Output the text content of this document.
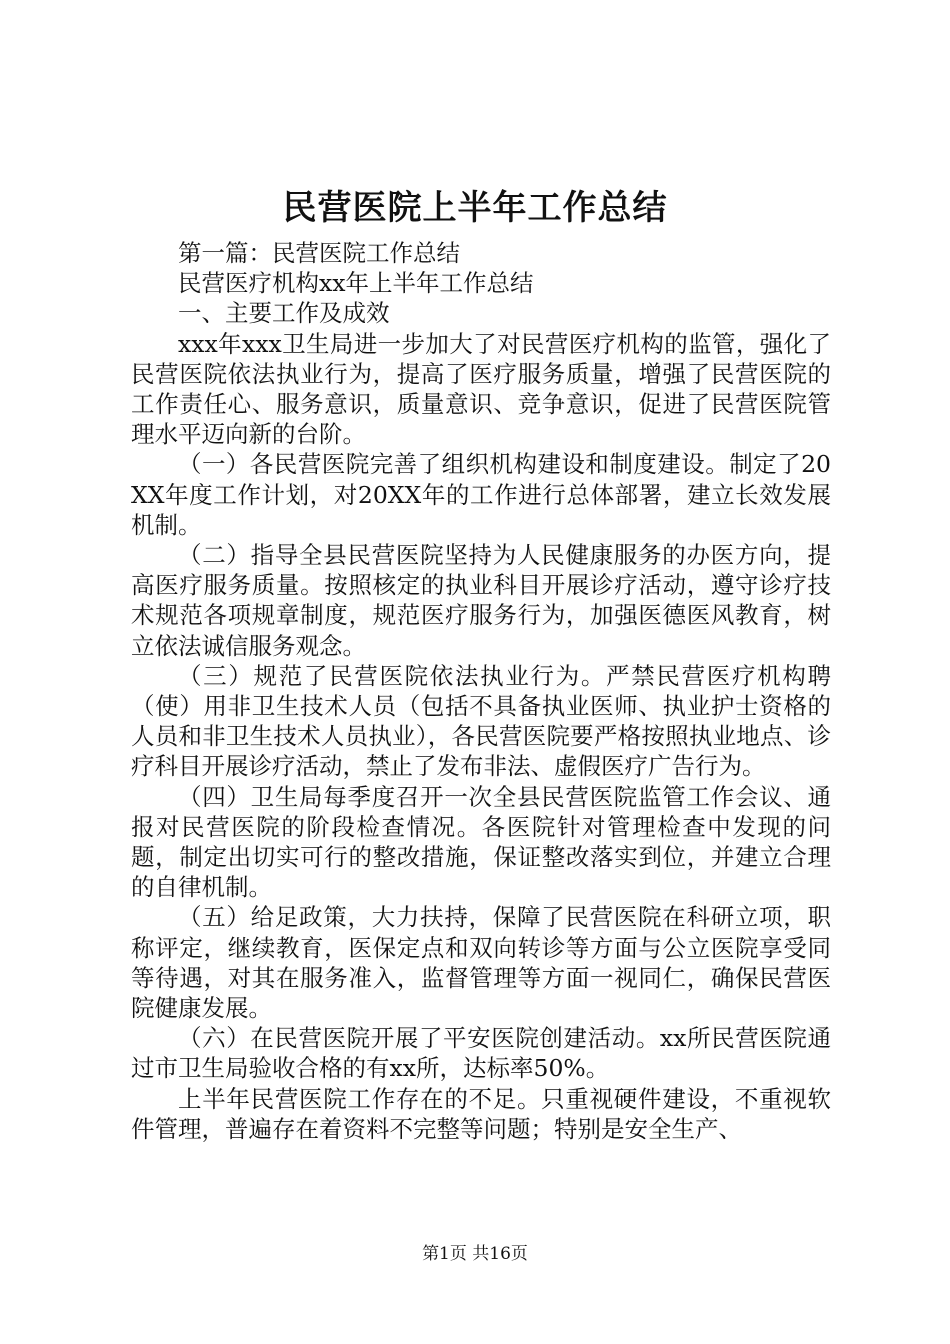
民营医院上半年工作总结

第一篇：民营医院工作总结

民营医疗机构xx年上半年工作总结

一、主要工作及成效

xxx年xxx卫生局进一步加大了对民营医疗机构的监管，强化了民营医院依法执业行为，提高了医疗服务质量，增强了民营医院的工作责任心、服务意识，质量意识、竞争意识，促进了民营医院管理水平迈向新的台阶。

（一）各民营医院完善了组织机构建设和制度建设。制定了20XX年度工作计划，对20XX年的工作进行总体部署，建立长效发展机制。

（二）指导全县民营医院坚持为人民健康服务的办医方向，提高医疗服务质量。按照核定的执业科目开展诊疗活动，遵守诊疗技术规范各项规章制度，规范医疗服务行为，加强医德医风教育，树立依法诚信服务观念。

（三）规范了民营医院依法执业行为。严禁民营医疗机构聘（使）用非卫生技术人员（包括不具备执业医师、执业护士资格的人员和非卫生技术人员执业），各民营医院要严格按照执业地点、诊疗科目开展诊疗活动，禁止了发布非法、虚假医疗广告行为。

（四）卫生局每季度召开一次全县民营医院监管工作会议、通报对民营医院的阶段检查情况。各医院针对管理检查中发现的问题，制定出切实可行的整改措施，保证整改落实到位，并建立合理的自律机制。

（五）给足政策，大力扶持，保障了民营医院在科研立项，职称评定，继续教育，医保定点和双向转诊等方面与公立医院享受同等待遇，对其在服务准入，监督管理等方面一视同仁，确保民营医院健康发展。

（六）在民营医院开展了平安医院创建活动。xx所民营医院通过市卫生局验收合格的有xx所，达标率50%。

上半年民营医院工作存在的不足。只重视硬件建设，不重视软件管理，普遍存在着资料不完整等问题；特别是安全生产、

第1页 共16页
